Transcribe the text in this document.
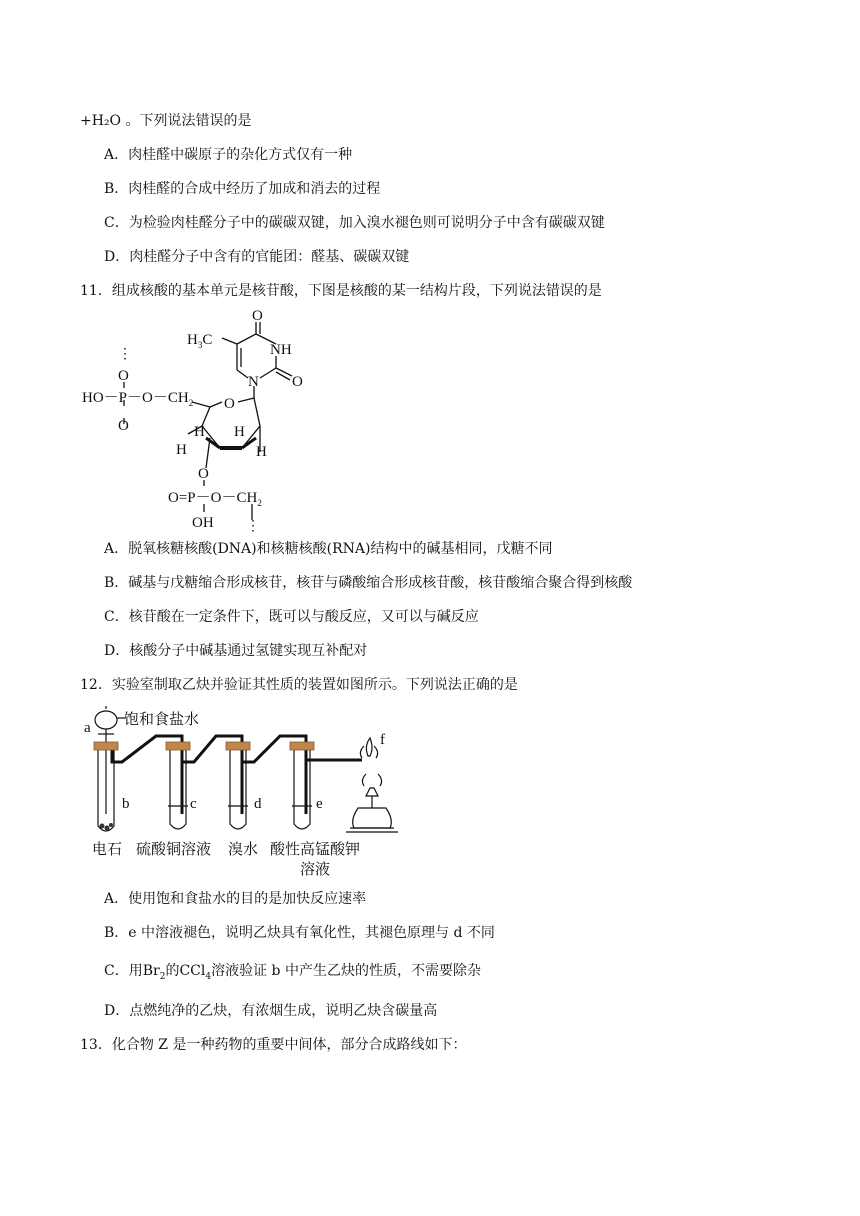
+H₂O 。下列说法错误的是
A．肉桂醛中碳原子的杂化方式仅有一种
B．肉桂醛的合成中经历了加成和消去的过程
C．为检验肉桂醛分子中的碳碳双键，加入溴水褪色则可说明分子中含有碳碳双键
D．肉桂醛分子中含有的官能团：醛基、碳碳双键
11．组成核酸的基本单元是核苷酸，下图是核酸的某一结构片段，下列说法错误的是
O
$H_3C$
NH
O
N
⋮
O
$HO-P-O-CH_2$
O
O
H
H
H
H
O
$O=P-O-CH_2$
OH ⋮
A．脱氧核糖核酸(DNA)和核糖核酸(RNA)结构中的碱基相同，戊糖不同
B．碱基与戊糖缩合形成核苷，核苷与磷酸缩合形成核苷酸，核苷酸缩合聚合得到核酸
C．核苷酸在一定条件下，既可以与酸反应，又可以与碱反应
D．核酸分子中碱基通过氢键实现互补配对
12．实验室制取乙炔并验证其性质的装置如图所示。下列说法正确的是
a 饱和食盐水
b	c	d	e
f
电石 硫酸铜溶液 溴水 酸性高锰酸钾
溶液
A．使用饱和食盐水的目的是加快反应速率
B．e 中溶液褪色，说明乙炔具有氧化性，其褪色原理与 d 不同
C．用$Br_2$的CCl$_4$溶液验证 b 中产生乙炔的性质，不需要除杂
D．点燃纯净的乙炔，有浓烟生成，说明乙炔含碳量高
13．化合物 Z 是一种药物的重要中间体，部分合成路线如下：
